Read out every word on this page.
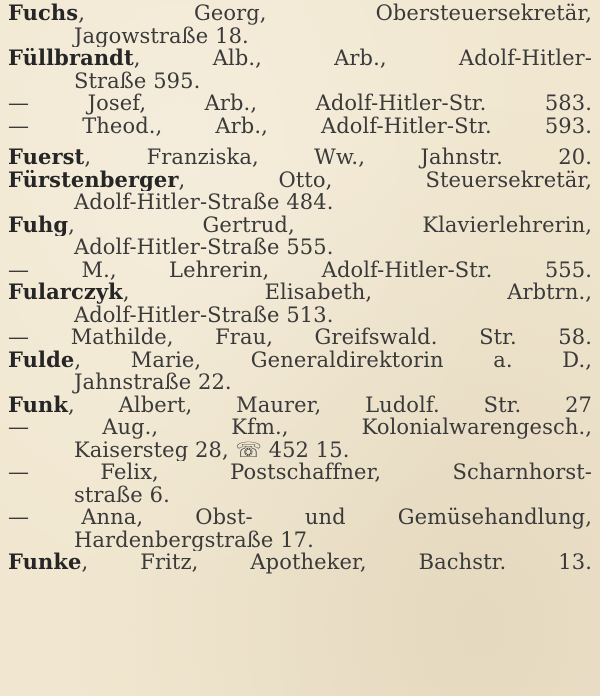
Fuchs, Georg, Obersteuersekretär,
Jagowstraße 18.
Füllbrandt, Alb., Arb., Adolf-Hitler-
Straße 595.
— Josef, Arb., Adolf-Hitler-Str. 583.
— Theod., Arb., Adolf-Hitler-Str. 593.
Fuerst, Franziska, Ww., Jahnstr. 20.
Fürstenberger, Otto, Steuersekretär,
Adolf-Hitler-Straße 484.
Fuhg, Gertrud, Klavierlehrerin,
Adolf-Hitler-Straße 555.
— M., Lehrerin, Adolf-Hitler-Str. 555.
Fularczyk, Elisabeth, Arbtrn.,
Adolf-Hitler-Straße 513.
— Mathilde, Frau, Greifswald. Str. 58.
Fulde, Marie, Generaldirektorin a. D.,
Jahnstraße 22.
Funk, Albert, Maurer, Ludolf. Str. 27
— Aug., Kfm., Kolonialwarengesch.,
Kaisersteg 28, ☏ 452 15.
— Felix, Postschaffner, Scharnhorst-
straße 6.
— Anna, Obst- und Gemüsehandlung,
Hardenbergstraße 17.
Funke, Fritz, Apotheker, Bachstr. 13.
